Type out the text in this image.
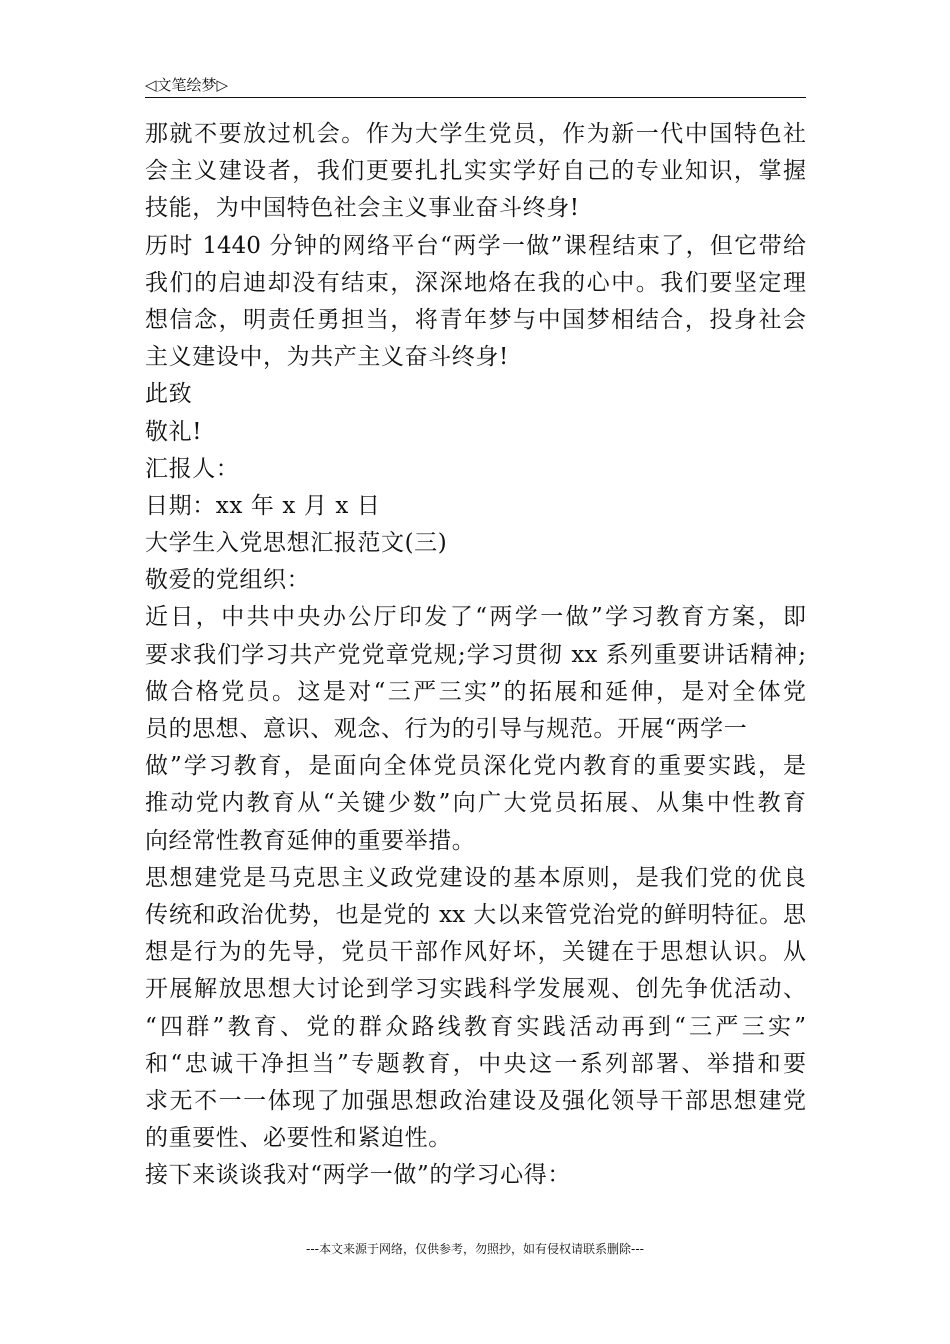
◁文笔绘梦▷
那就不要放过机会。作为大学生党员，作为新一代中国特色社
会主义建设者，我们更要扎扎实实学好自己的专业知识，掌握
技能，为中国特色社会主义事业奋斗终身!
历时 1440 分钟的网络平台“两学一做”课程结束了，但它带给
我们的启迪却没有结束，深深地烙在我的心中。我们要坚定理
想信念，明责任勇担当，将青年梦与中国梦相结合，投身社会
主义建设中，为共产主义奋斗终身!
此致
敬礼!
汇报人：
日期：xx 年 x 月 x 日
大学生入党思想汇报范文(三)
敬爱的党组织：
近日，中共中央办公厅印发了“两学一做”学习教育方案，即
要求我们学习共产党党章党规;学习贯彻 xx 系列重要讲话精神;
做合格党员。这是对“三严三实”的拓展和延伸，是对全体党
员的思想、意识、观念、行为的引导与规范。开展“两学一
做”学习教育，是面向全体党员深化党内教育的重要实践，是
推动党内教育从“关键少数”向广大党员拓展、从集中性教育
向经常性教育延伸的重要举措。
思想建党是马克思主义政党建设的基本原则，是我们党的优良
传统和政治优势，也是党的 xx 大以来管党治党的鲜明特征。思
想是行为的先导，党员干部作风好坏，关键在于思想认识。从
开展解放思想大讨论到学习实践科学发展观、创先争优活动、
“四群”教育、党的群众路线教育实践活动再到“三严三实”
和“忠诚干净担当”专题教育，中央这一系列部署、举措和要
求无不一一体现了加强思想政治建设及强化领导干部思想建党
的重要性、必要性和紧迫性。
接下来谈谈我对“两学一做”的学习心得：
---本文来源于网络，仅供参考，勿照抄，如有侵权请联系删除---
